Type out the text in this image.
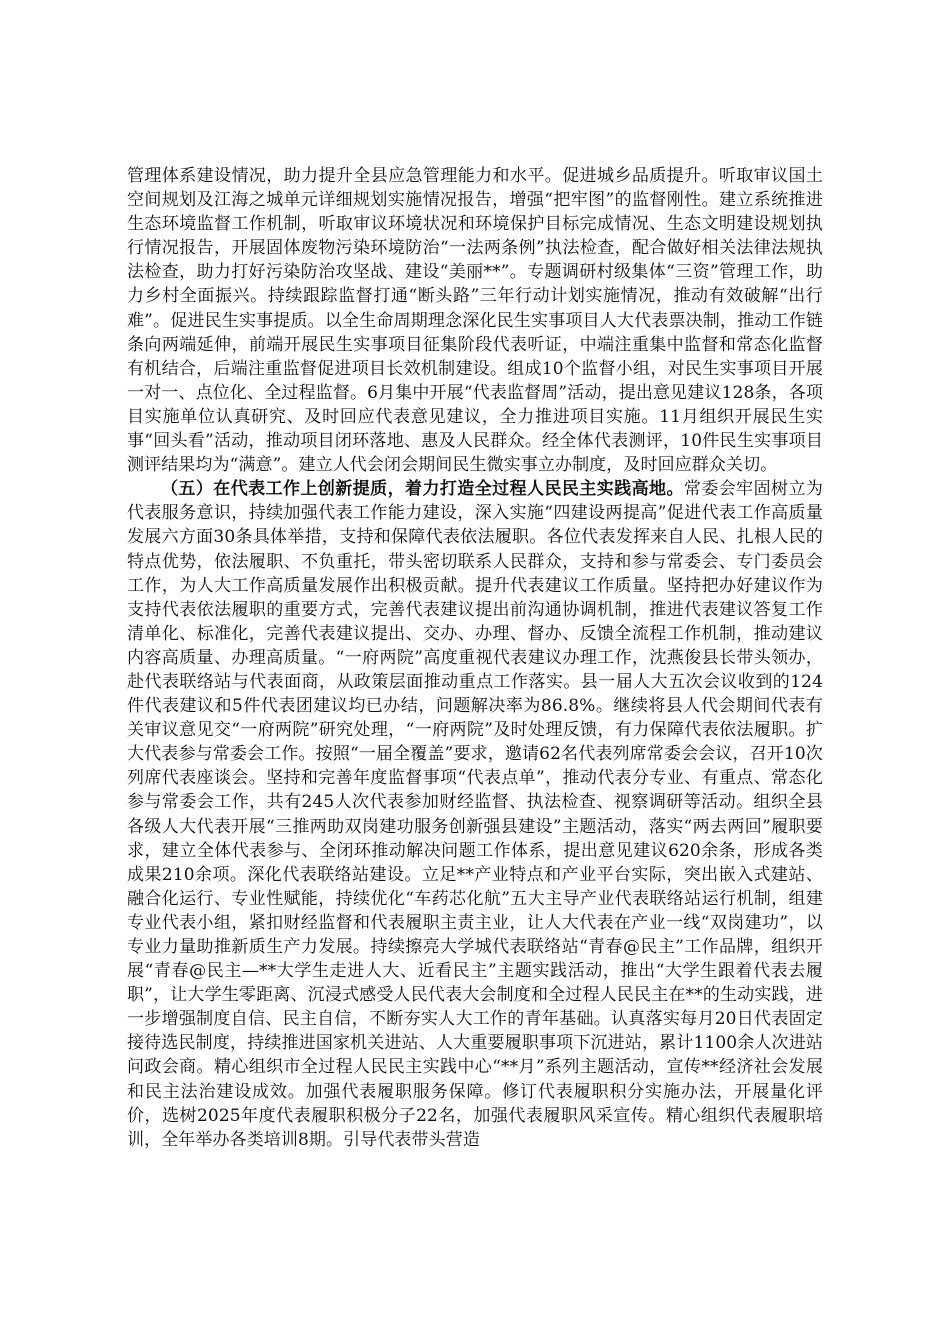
管理体系建设情况，助力提升全县应急管理能力和水平。促进城乡品质提升。听取审议国土空间规划及江海之城单元详细规划实施情况报告，增强“把牢图”的监督刚性。建立系统推进生态环境监督工作机制，听取审议环境状况和环境保护目标完成情况、生态文明建设规划执行情况报告，开展固体废物污染环境防治“一法两条例”执法检查，配合做好相关法律法规执法检查，助力打好污染防治攻坚战、建设“美丽**”。专题调研村级集体“三资”管理工作，助力乡村全面振兴。持续跟踪监督打通“断头路”三年行动计划实施情况，推动有效破解“出行难”。促进民生实事提质。以全生命周期理念深化民生实事项目人大代表票决制，推动工作链条向两端延伸，前端开展民生实事项目征集阶段代表听证，中端注重集中监督和常态化监督有机结合，后端注重监督促进项目长效机制建设。组成10个监督小组，对民生实事项目开展一对一、点位化、全过程监督。6月集中开展“代表监督周”活动，提出意见建议128条，各项目实施单位认真研究、及时回应代表意见建议，全力推进项目实施。11月组织开展民生实事“回头看”活动，推动项目闭环落地、惠及人民群众。经全体代表测评，10件民生实事项目测评结果均为“满意”。建立人代会闭会期间民生微实事立办制度，及时回应群众关切。

（五）在代表工作上创新提质，着力打造全过程人民民主实践高地。常委会牢固树立为代表服务意识，持续加强代表工作能力建设，深入实施“四建设两提高”促进代表工作高质量发展六方面30条具体举措，支持和保障代表依法履职。各位代表发挥来自人民、扎根人民的特点优势，依法履职、不负重托，带头密切联系人民群众，支持和参与常委会、专门委员会工作，为人大工作高质量发展作出积极贡献。提升代表建议工作质量。坚持把办好建议作为支持代表依法履职的重要方式，完善代表建议提出前沟通协调机制，推进代表建议答复工作清单化、标准化，完善代表建议提出、交办、办理、督办、反馈全流程工作机制，推动建议内容高质量、办理高质量。“一府两院”高度重视代表建议办理工作，沈燕俊县长带头领办，赴代表联络站与代表面商，从政策层面推动重点工作落实。县一届人大五次会议收到的124件代表建议和5件代表团建议均已办结，问题解决率为86.8%。继续将县人代会期间代表有关审议意见交“一府两院”研究处理，“一府两院”及时处理反馈，有力保障代表依法履职。扩大代表参与常委会工作。按照“一届全覆盖”要求，邀请62名代表列席常委会会议，召开10次列席代表座谈会。坚持和完善年度监督事项“代表点单”，推动代表分专业、有重点、常态化参与常委会工作，共有245人次代表参加财经监督、执法检查、视察调研等活动。组织全县各级人大代表开展“三推两助双岗建功服务创新强县建设”主题活动，落实“两去两回”履职要求，建立全体代表参与、全闭环推动解决问题工作体系，提出意见建议620余条，形成各类成果210余项。深化代表联络站建设。立足**产业特点和产业平台实际，突出嵌入式建站、融合化运行、专业性赋能，持续优化“车药芯化航”五大主导产业代表联络站运行机制，组建专业代表小组，紧扣财经监督和代表履职主责主业，让人大代表在产业一线“双岗建功”，以专业力量助推新质生产力发展。持续擦亮大学城代表联络站“青春@民主”工作品牌，组织开展“青春@民主—**大学生走进人大、近看民主”主题实践活动，推出“大学生跟着代表去履职”，让大学生零距离、沉浸式感受人民代表大会制度和全过程人民民主在**的生动实践，进一步增强制度自信、民主自信，不断夯实人大工作的青年基础。认真落实每月20日代表固定接待选民制度，持续推进国家机关进站、人大重要履职事项下沉进站，累计1100余人次进站问政会商。精心组织市全过程人民民主实践中心“**月”系列主题活动，宣传**经济社会发展和民主法治建设成效。加强代表履职服务保障。修订代表履职积分实施办法，开展量化评价，选树2025年度代表履职积极分子22名，加强代表履职风采宣传。精心组织代表履职培训，全年举办各类培训8期。引导代表带头营造
